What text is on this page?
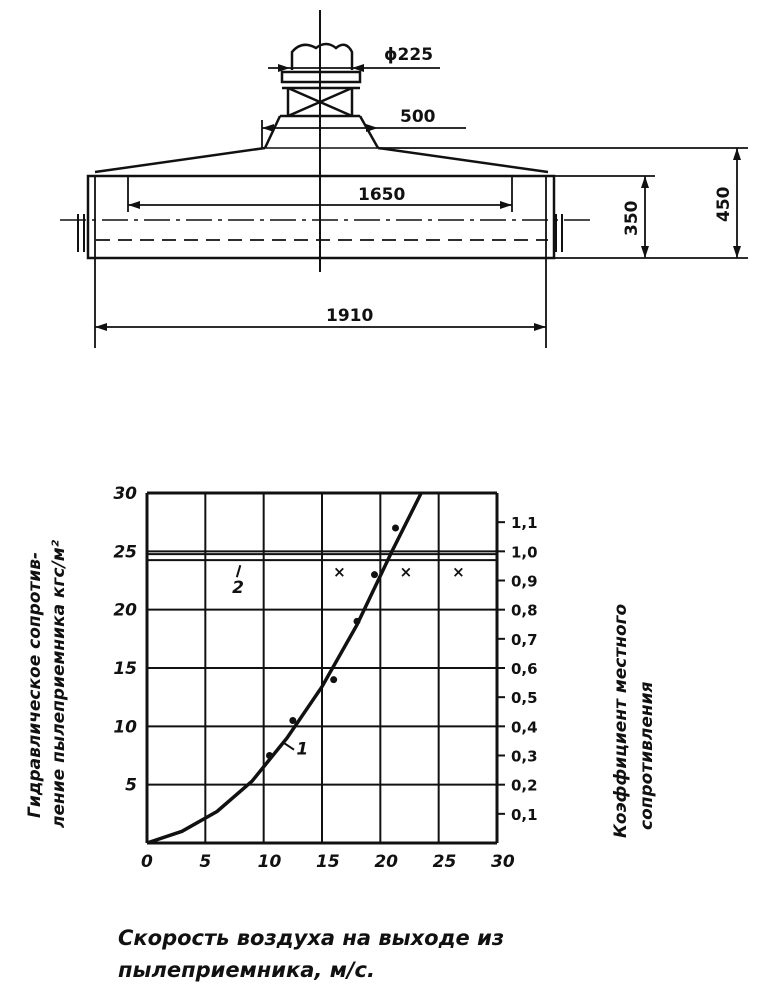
ϕ225
500
1650
1910
350	450
0	5	10 15 20 25 30
5
10
15
20
25
30
0,1
0,2
0,3
0,4
0,5
0,6
0,7
0,8
0,9
1,0
1,1
1
×	×	×
2
Гидравлическое сопротив- ление пылеприемника кгс/м²	Коэффициент местного сопротивления
Скорость воздуха на выходе из
пылеприемника, м/с.
